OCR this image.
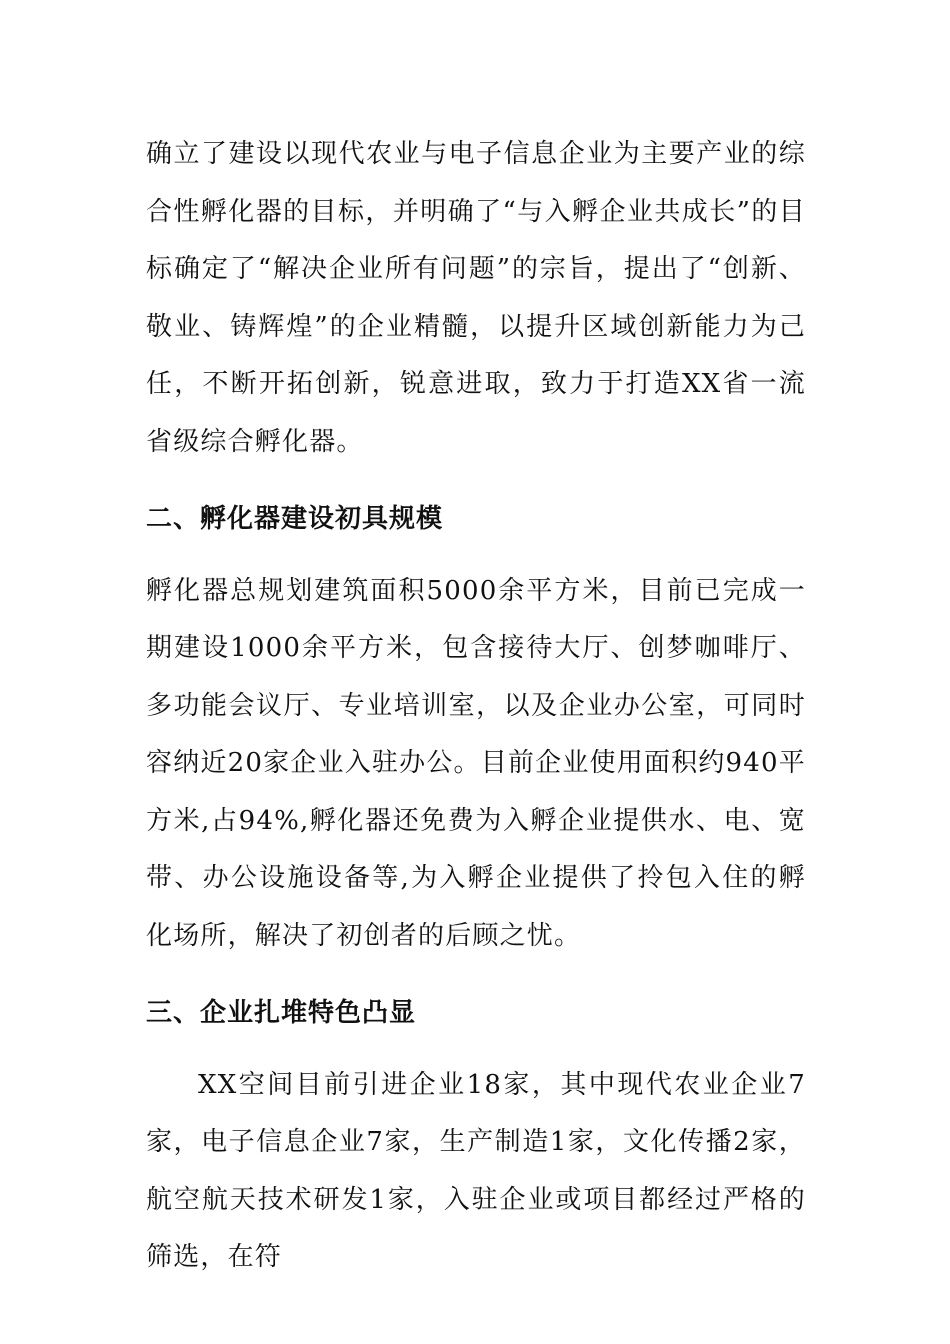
确立了建设以现代农业与电子信息企业为主要产业的综合性孵化器的目标，并明确了“与入孵企业共成长”的目标确定了“解决企业所有问题”的宗旨，提出了“创新、敬业、铸辉煌”的企业精髓，以提升区域创新能力为己任，不断开拓创新，锐意进取，致力于打造XX省一流省级综合孵化器。

二、孵化器建设初具规模

孵化器总规划建筑面积5000余平方米，目前已完成一期建设1000余平方米，包含接待大厅、创梦咖啡厅、多功能会议厅、专业培训室，以及企业办公室，可同时容纳近20家企业入驻办公。目前企业使用面积约940平方米,占94%,孵化器还免费为入孵企业提供水、电、宽带、办公设施设备等,为入孵企业提供了拎包入住的孵化场所，解决了初创者的后顾之忧。

三、企业扎堆特色凸显

XX空间目前引进企业18家，其中现代农业企业7家，电子信息企业7家，生产制造1家，文化传播2家，航空航天技术研发1家，入驻企业或项目都经过严格的筛选，在符
